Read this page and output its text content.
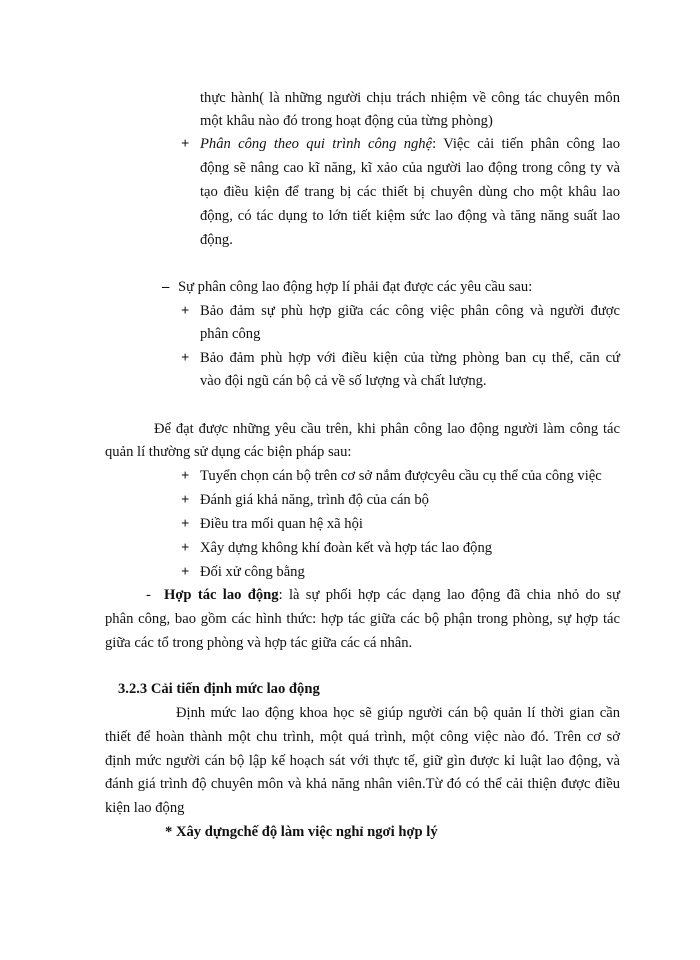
thực hành( là những người chịu trách nhiệm về công tác chuyên môn
một khâu nào đó trong hoạt động của từng phòng)
+ Phân công theo qui trình công nghệ: Việc cải tiến phân công lao
động sẽ nâng cao kĩ năng, kĩ xảo của người lao động trong công ty và
tạo điều kiện để trang bị các thiết bị chuyên dùng cho một khâu lao
động, có tác dụng to lớn tiết kiệm sức lao động và tăng năng suất lao
động.
– Sự phân công lao động hợp lí phải đạt được các yêu cầu sau:
+ Bảo đảm sự phù hợp giữa các công việc phân công và người được
phân công
+ Bảo đảm phù hợp với điều kiện của từng phòng ban cụ thể, căn cứ
vào đội ngũ cán bộ cả về số lượng và chất lượng.
Để đạt được những yêu cầu trên, khi phân công lao động người làm công tác
quản lí thường sử dụng các biện pháp sau:
+ Tuyển chọn cán bộ trên cơ sở nắm đượcyêu cầu cụ thể của công việc
+ Đánh giá khả năng, trình độ của cán bộ
+ Điều tra mối quan hệ xã hội
+ Xây dựng không khí đoàn kết và hợp tác lao động
+ Đối xử công bằng
- Hợp tác lao động: là sự phối hợp các dạng lao động đã chia nhỏ do sự
phân công, bao gồm các hình thức: hợp tác giữa các bộ phận trong phòng, sự hợp tác
giữa các tổ trong phòng và hợp tác giữa các cá nhân.
3.2.3 Cải tiến định mức lao động
Định mức lao động khoa học sẽ giúp người cán bộ quản lí thời gian cần
thiết để hoàn thành một chu trình, một quá trình, một công việc nào đó. Trên cơ sở
định mức người cán bộ lập kế hoạch sát với thực tế, giữ gìn được kỉ luật lao động, và
đánh giá trình độ chuyên môn và khả năng nhân viên.Từ đó có thể cải thiện được điều
kiện lao động
* Xây dựngchế độ làm việc nghỉ ngơi hợp lý
